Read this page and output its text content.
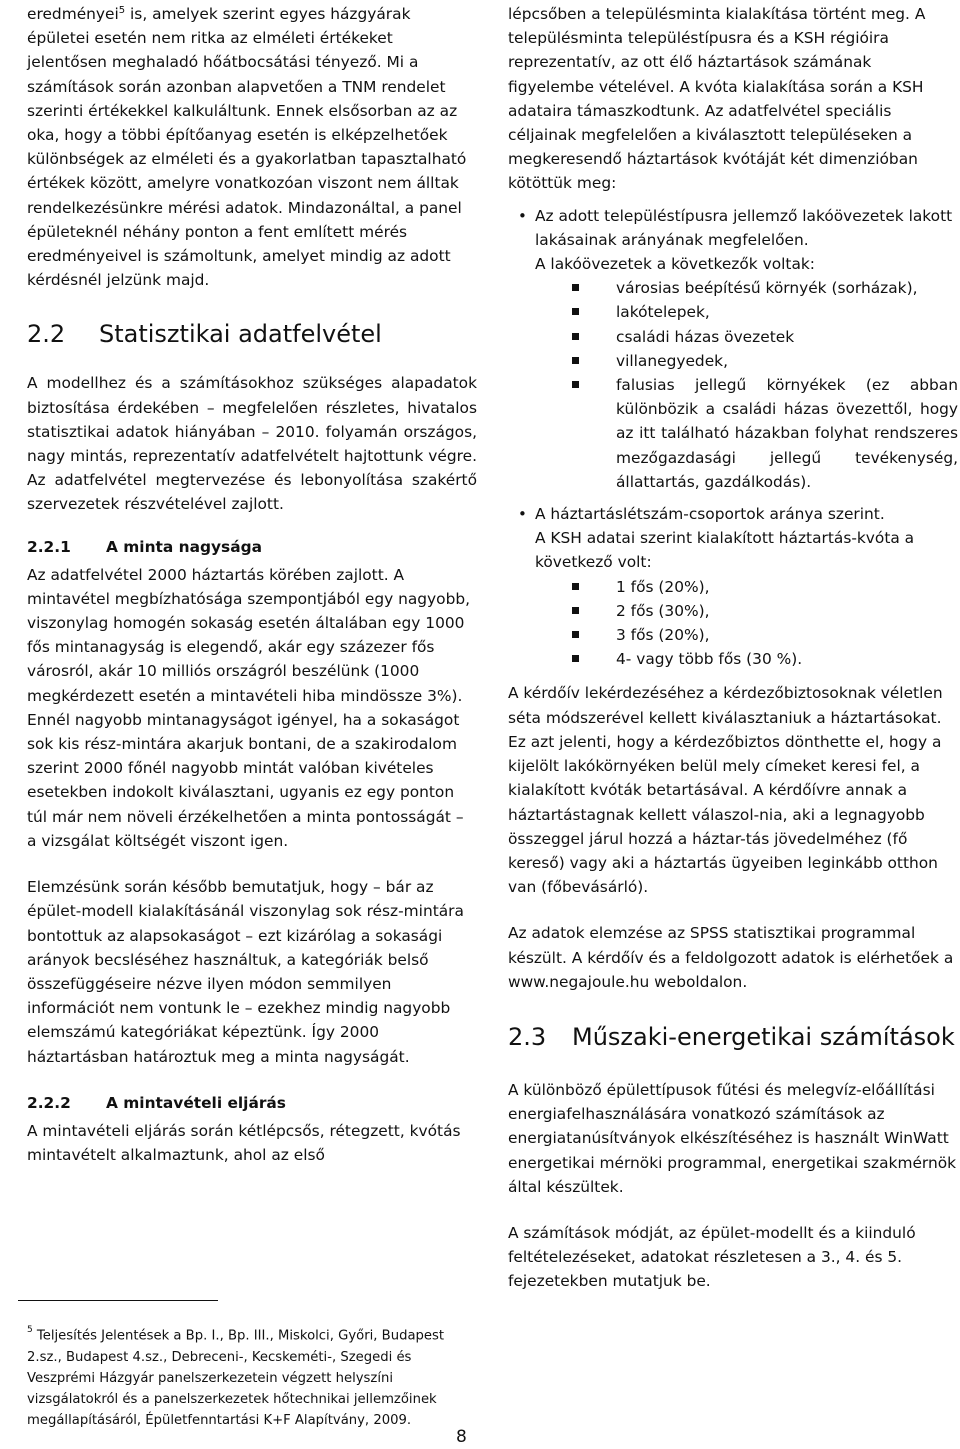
eredményei$^5$ is, amelyek szerint egyes házgyárak épületei esetén nem ritka az elméleti értékeket jelentősen meghaladó hőátbocsátási tényező. Mi a számítások során azonban alapvetően a TNM rendelet szerinti értékekkel kalkuláltunk. Ennek elsősorban az az oka, hogy a többi építőanyag esetén is elképzelhetőek különbségek az elméleti és a gyakorlatban tapasztalható értékek között, amelyre vonatkozóan viszont nem álltak rendelkezésünkre mérési adatok. Mindazonáltal, a panel épületeknél néhány ponton a fent említett mérés eredményeivel is számoltunk, amelyet mindig az adott kérdésnél jelzünk majd.

2.2 Statisztikai adatfelvétel

A modellhez és a számításokhoz szükséges alapadatok biztosítása érdekében – megfelelően részletes, hivatalos statisztikai adatok hiányában – 2010. folyamán országos, nagy mintás, reprezentatív adatfelvételt hajtottunk végre. Az adatfelvétel megtervezése és lebonyolítása szakértő szervezetek részvételével zajlott.

2.2.1 A minta nagysága

Az adatfelvétel 2000 háztartás körében zajlott. A mintavétel megbízhatósága szempontjából egy nagyobb, viszonylag homogén sokaság esetén általában egy 1000 fős mintanagyság is elegendő, akár egy százezer fős városról, akár 10 milliós országról beszélünk (1000 megkérdezett esetén a mintavételi hiba mindössze 3%). Ennél nagyobb mintanagyságot igényel, ha a sokaságot sok kis rész-mintára akarjuk bontani, de a szakirodalom szerint 2000 főnél nagyobb mintát valóban kivételes esetekben indokolt kiválasztani, ugyanis ez egy ponton túl már nem növeli érzékelhetően a minta pontosságát – a vizsgálat költségét viszont igen.

Elemzésünk során később bemutatjuk, hogy – bár az épület-modell kialakításánál viszonylag sok rész-mintára bontottuk az alapsokaságot – ezt kizárólag a sokasági arányok becsléséhez használtuk, a kategóriák belső összefüggéseire nézve ilyen módon semmilyen információt nem vontunk le – ezekhez mindig nagyobb elemszámú kategóriákat képeztünk. Így 2000 háztartásban határoztuk meg a minta nagyságát.

2.2.2 A mintavételi eljárás

A mintavételi eljárás során kétlépcsős, rétegzett, kvótás mintavételt alkalmaztunk, ahol az első

$^5$ Teljesítés Jelentések a Bp. I., Bp. III., Miskolci, Győri, Budapest 2.sz., Budapest 4.sz., Debreceni-, Kecskeméti-, Szegedi és Veszprémi Házgyár panelszerkezetein végzett helyszíni vizsgálatokról és a panelszerkezetek hőtechnikai jellemzőinek megállapításáról, Épületfenntartási K+F Alapítvány, 2009.

lépcsőben a településminta kialakítása történt meg. A településminta településtípusra és a KSH régióira reprezentatív, az ott élő háztartások számának figyelembe vételével. A kvóta kialakítása során a KSH adataira támaszkodtunk. Az adatfelvétel speciális céljainak megfelelően a kiválasztott településeken a megkeresendő háztartások kvótáját két dimenzióban kötöttük meg:

• Az adott településtípusra jellemző lakóövezetek lakott lakásainak arányának megfelelően.
A lakóövezetek a következők voltak:
városias beépítésű környék (sorházak),
lakótelepek,
családi házas övezetek
villanegyedek,
falusias jellegű környékek (ez abban különbözik a családi házas övezettől, hogy az itt található házakban folyhat rendszeres mezőgazdasági jellegű tevékenység, állattartás, gazdálkodás).
• A háztartáslétszám-csoportok aránya szerint.
A KSH adatai szerint kialakított háztartás-kvóta a következő volt:
1 fős (20%),
2 fős (30%),
3 fős (20%),
4- vagy több fős (30 %).

A kérdőív lekérdezéséhez a kérdezőbiztosoknak véletlen séta módszerével kellett kiválasztaniuk a háztartásokat. Ez azt jelenti, hogy a kérdezőbiztos dönthette el, hogy a kijelölt lakókörnyéken belül mely címeket keresi fel, a kialakított kvóták betartásával. A kérdőívre annak a háztartástagnak kellett válaszol-nia, aki a legnagyobb összeggel járul hozzá a háztar-tás jövedelméhez (fő kereső) vagy aki a háztartás ügyeiben leginkább otthon van (főbevásárló).

Az adatok elemzése az SPSS statisztikai programmal készült. A kérdőív és a feldolgozott adatok is elérhetőek a www.negajoule.hu weboldalon.

2.3 Műszaki-energetikai számítások

A különböző épülettípusok fűtési és melegvíz-előállítási energiafelhasználására vonatkozó számítások az energiatanúsítványok elkészítéséhez is használt WinWatt energetikai mérnöki programmal, energetikai szakmérnök által készültek.

A számítások módját, az épület-modellt és a kiinduló feltételezéseket, adatokat részletesen a 3., 4. és 5. fejezetekben mutatjuk be.

8
